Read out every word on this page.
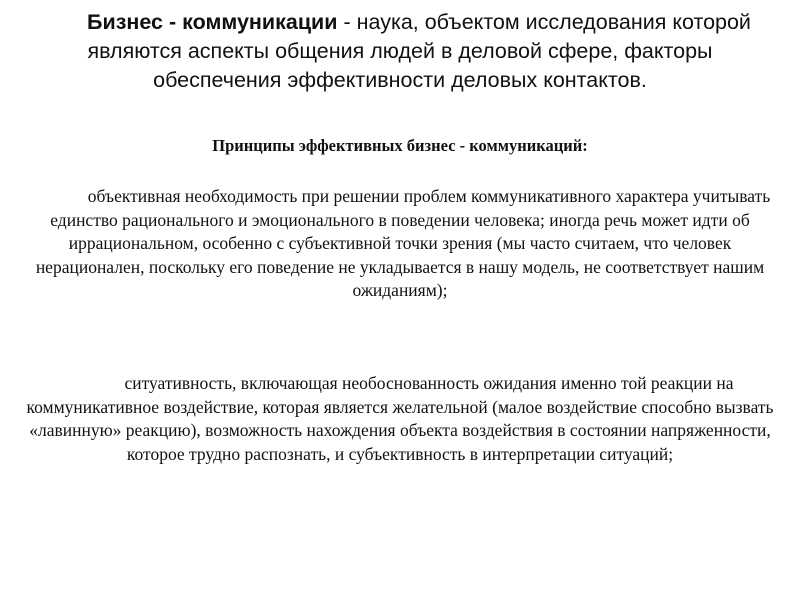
Бизнес - коммуникации - наука, объектом исследования которой являются аспекты общения людей в деловой сфере, факторы обеспечения эффективности деловых контактов.

Принципы эффективных бизнес - коммуникаций:

объективная необходимость при решении проблем коммуникативного характера учитывать единство рационального и эмоционального в поведении человека; иногда речь может идти об иррациональном, особенно с субъективной точки зрения (мы часто считаем, что человек нерационален, поскольку его поведение не укладывается в нашу модель, не соответствует нашим ожиданиям);

ситуативность, включающая необоснованность ожидания именно той реакции на коммуникативное воздействие, которая является желательной (малое воздействие способно вызвать «лавинную» реакцию), возможность нахождения объекта воздействия в состоянии напряженности, которое трудно распознать, и субъективность в интерпретации ситуаций;
